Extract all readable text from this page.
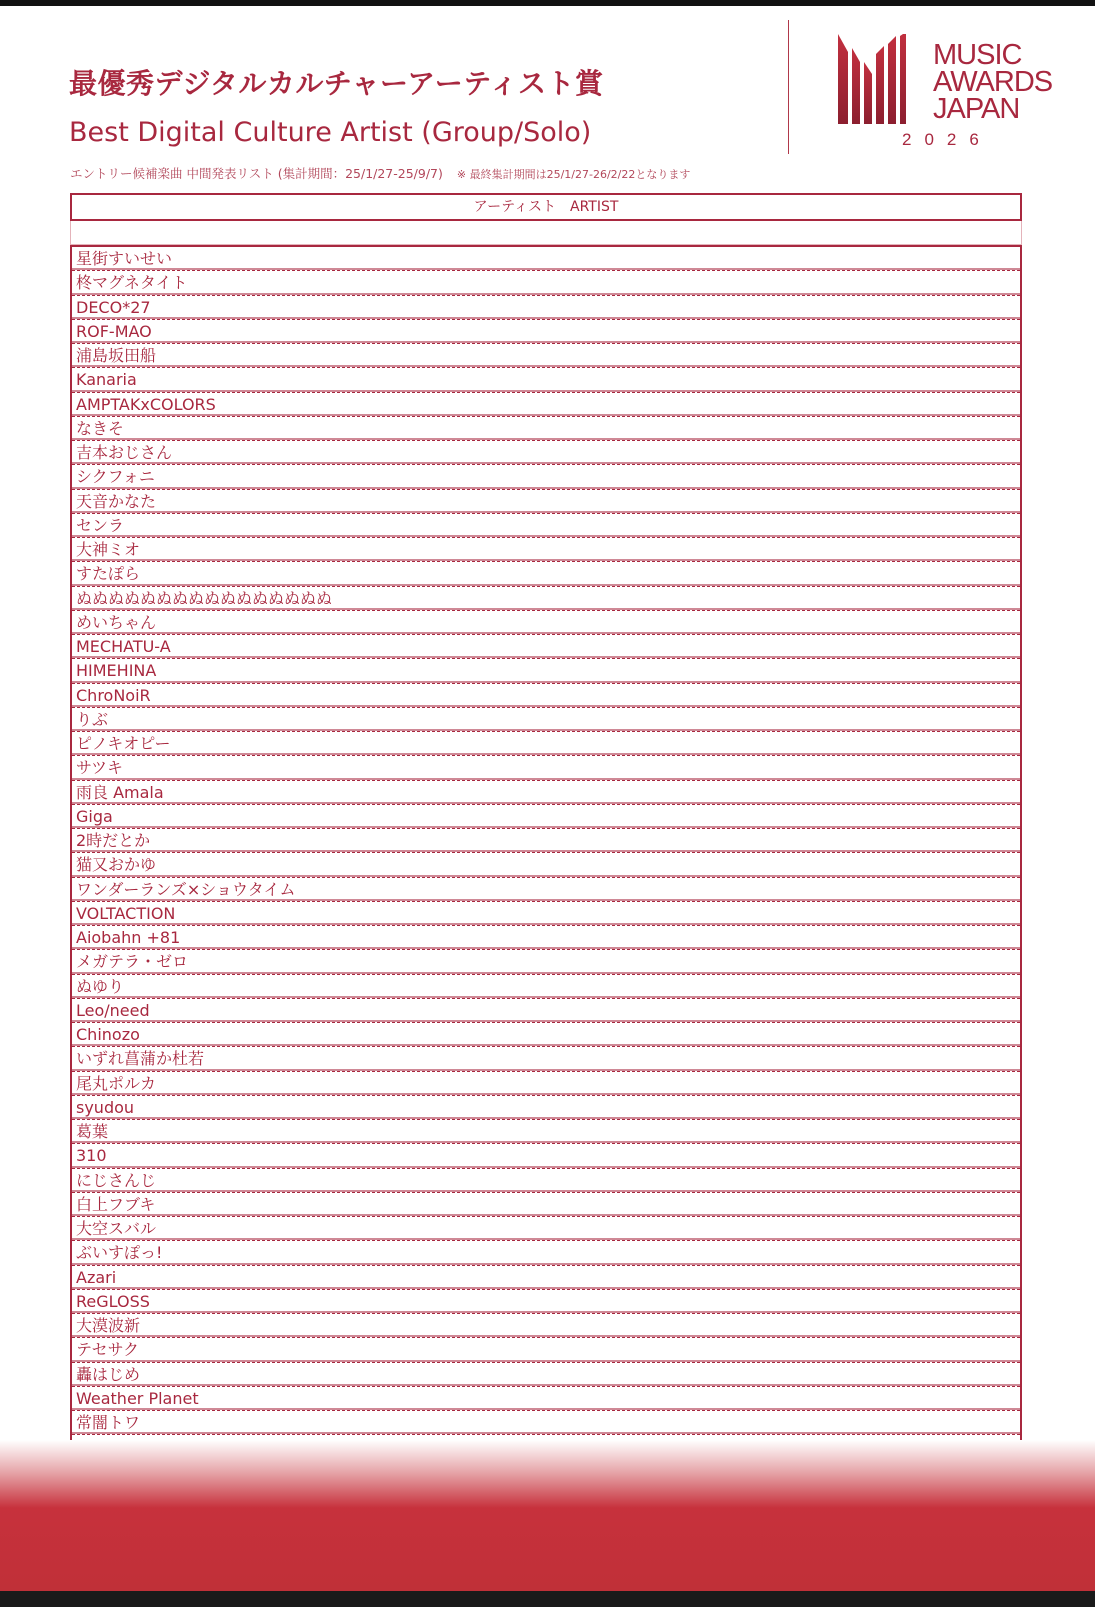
最優秀デジタルカルチャーアーティスト賞
Best Digital Culture Artist (Group/Solo)
エントリー候補楽曲 中間発表リスト (集計期間：25/1/27-25/9/7) ※ 最終集計期間は25/1/27-26/2/22となります
MUSIC
AWARDS
JAPAN
2026
アーティスト　ARTIST
星街すいせい
柊マグネタイト
DECO*27
ROF-MAO
浦島坂田船
Kanaria
AMPTAKxCOLORS
なきそ
吉本おじさん
シクフォニ
天音かなた
センラ
大神ミオ
すたぽら
ぬぬぬぬぬぬぬぬぬぬぬぬぬぬぬぬ
めいちゃん
MECHATU-A
HIMEHINA
ChroNoiR
りぶ
ピノキオピー
サツキ
雨良 Amala
Giga
2時だとか
猫又おかゆ
ワンダーランズ×ショウタイム
VOLTACTION
Aiobahn +81
メガテラ・ゼロ
ぬゆり
Leo/need
Chinozo
いずれ菖蒲か杜若
尾丸ポルカ
syudou
葛葉
310
にじさんじ
白上フブキ
大空スバル
ぶいすぽっ!
Azari
ReGLOSS
大漠波新
テセサク
轟はじめ
Weather Planet
常闇トワ
